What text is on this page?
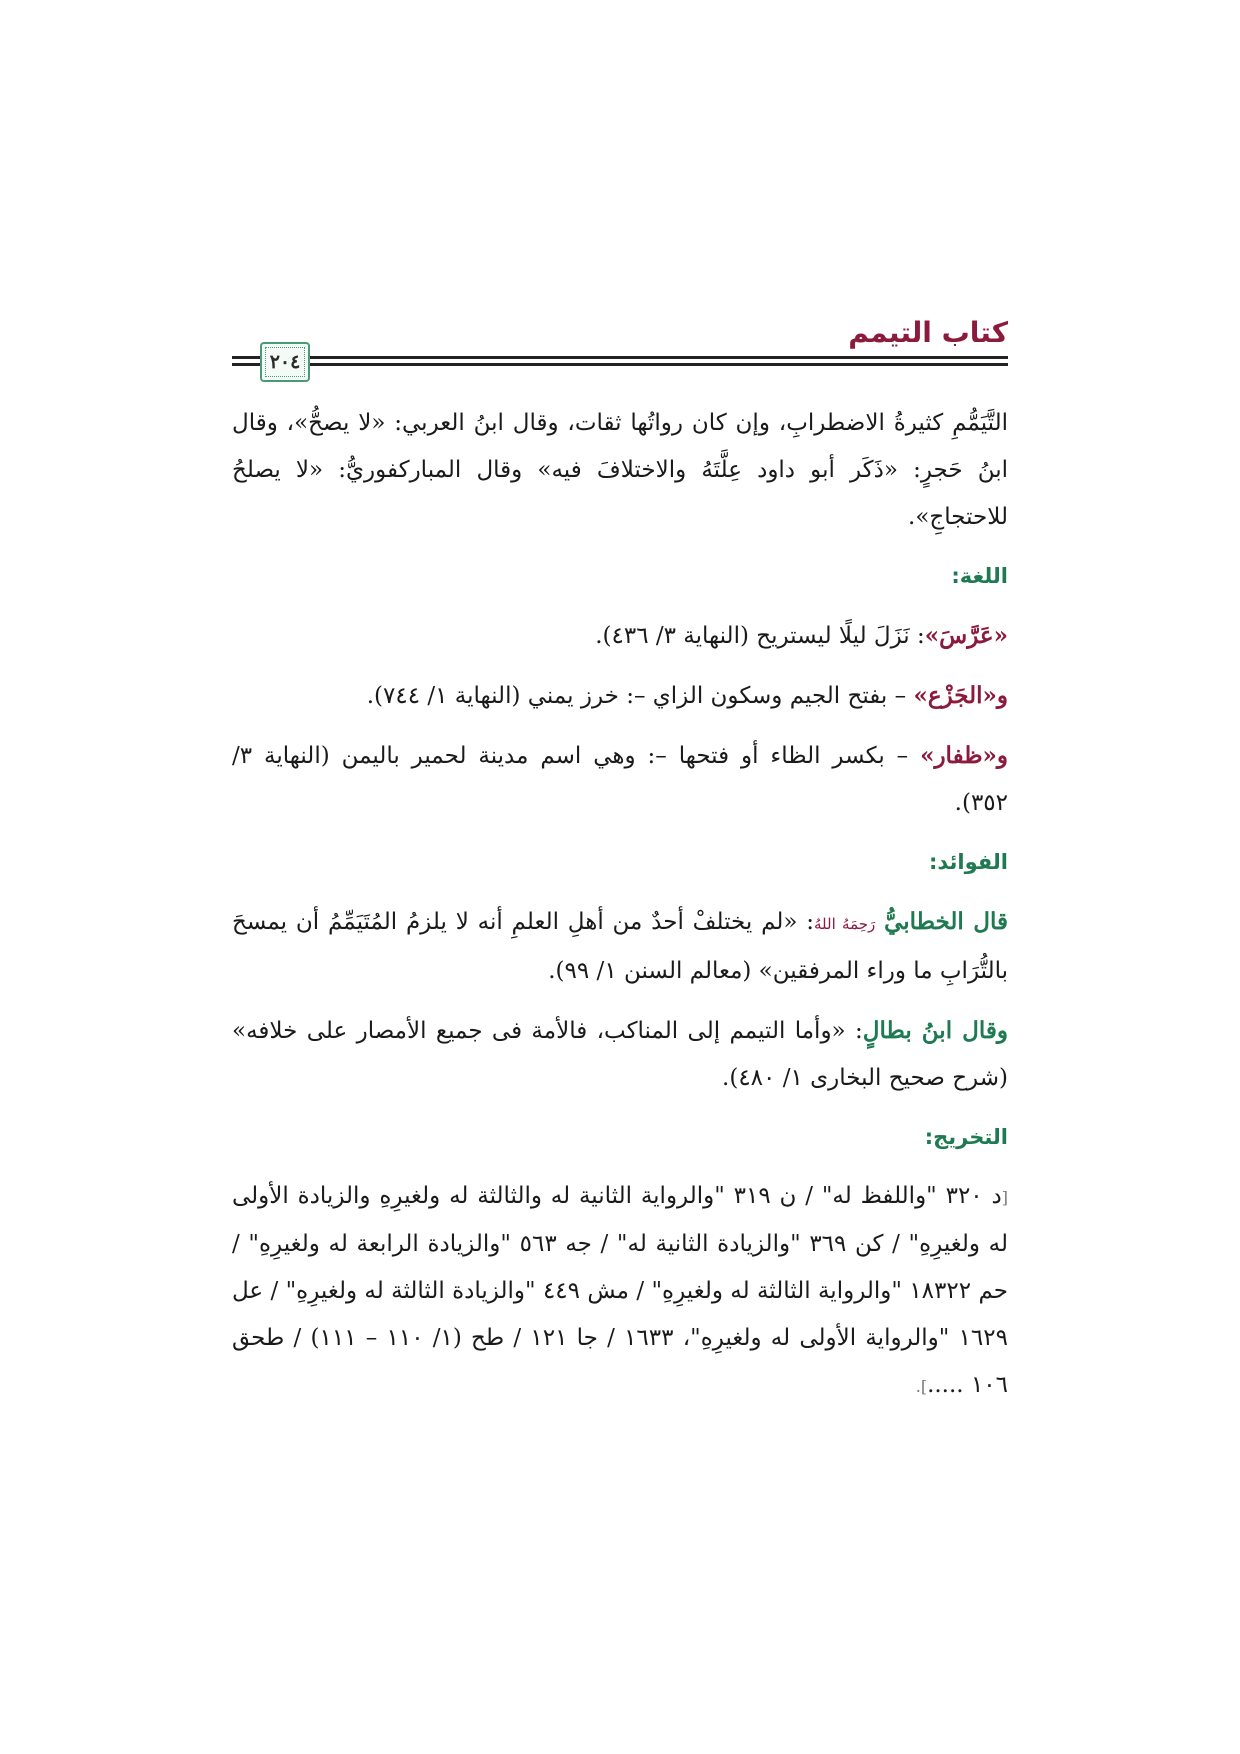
كتاب التيمم
٢٠٤

التَّيَمُّمِ كثيرةُ الاضطرابِ، وإن كان رواتُها ثقات، وقال ابنُ العربي: «لا يصحُّ»، وقال ابنُ حَجرٍ: «ذَكَر أبو داود عِلَّتَهُ والاختلافَ فيه» وقال المباركفوريُّ: «لا يصلحُ للاحتجاجِ».

اللغة:

«عَرَّسَ»: نَزَلَ ليلًا ليستريح (النهاية ٣/ ٤٣٦).

و«الجَزْع» – بفتح الجيم وسكون الزاي –: خرز يمني (النهاية ١/ ٧٤٤).

و«ظفار» – بكسر الظاء أو فتحها –: وهي اسم مدينة لحمير باليمن (النهاية ٣/ ٣٥٢).

الفوائد:

قال الخطابيُّ رَحِمَهُ اللهُ: «لم يختلفْ أحدٌ من أهلِ العلمِ أنه لا يلزمُ المُتَيَمِّمُ أن يمسحَ بالتُّرَابِ ما وراء المرفقين» (معالم السنن ١/ ٩٩).

وقال ابنُ بطالٍ: «وأما التيمم إلى المناكب، فالأمة فى جميع الأمصار على خلافه» (شرح صحيح البخارى ١/ ٤٨٠).

التخريج:

[د ٣٢٠ "واللفظ له" / ن ٣١٩ "والرواية الثانية له والثالثة له ولغيرِهِ والزيادة الأولى له ولغيرِهِ" / كن ٣٦٩ "والزيادة الثانية له" / جه ٥٦٣ "والزيادة الرابعة له ولغيرِهِ" / حم ١٨٣٢٢ "والرواية الثالثة له ولغيرِهِ" / مش ٤٤٩ "والزيادة الثالثة له ولغيرِهِ" / عل ١٦٢٩ "والرواية الأولى له ولغيرِهِ"، ١٦٣٣ / جا ١٢١ / طح (١/ ١١٠ – ١١١) / طحق ١٠٦ .....].
